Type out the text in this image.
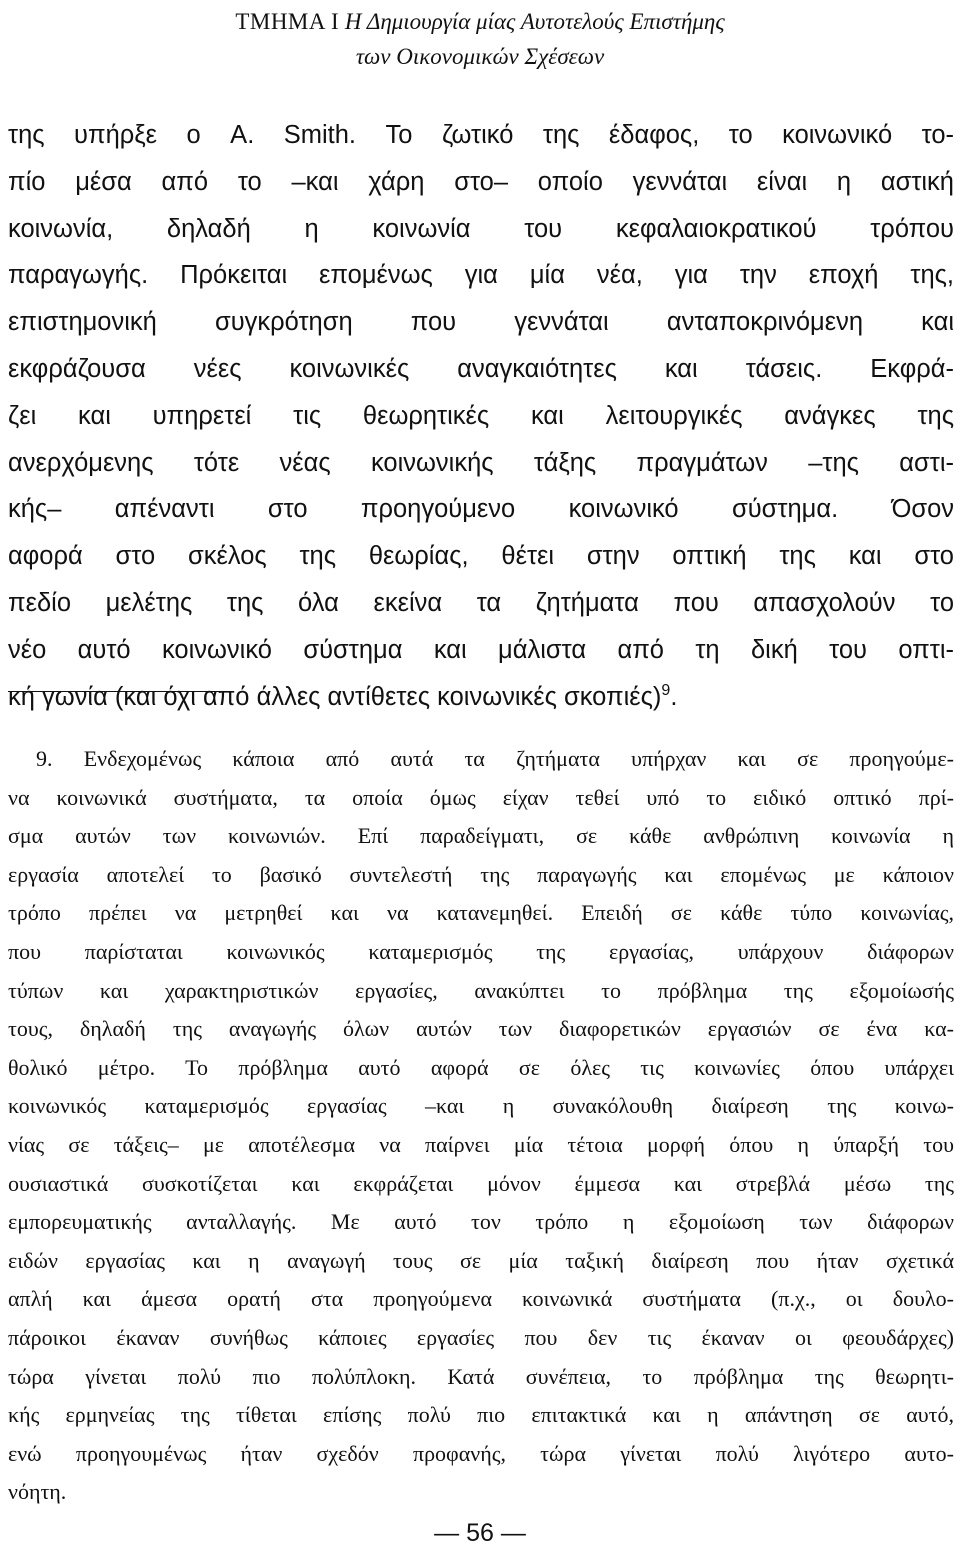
ΤΜΗΜΑ Ι Η Δημιουργία μίας Αυτοτελούς Επιστήμης
των Οικονομικών Σχέσεων
της υπήρξε ο A. Smith. Το ζωτικό της έδαφος, το κοινωνικό το-
πίο μέσα από το –και χάρη στο– οποίο γεννάται είναι η αστική
κοινωνία, δηλαδή η κοινωνία του κεφαλαιοκρατικού τρόπου
παραγωγής. Πρόκειται επομένως για μία νέα, για την εποχή της,
επιστημονική συγκρότηση που γεννάται ανταποκρινόμενη και
εκφράζουσα νέες κοινωνικές αναγκαιότητες και τάσεις. Εκφρά-
ζει και υπηρετεί τις θεωρητικές και λειτουργικές ανάγκες της
ανερχόμενης τότε νέας κοινωνικής τάξης πραγμάτων –της αστι-
κής– απέναντι στο προηγούμενο κοινωνικό σύστημα. Όσον
αφορά στο σκέλος της θεωρίας, θέτει στην οπτική της και στο
πεδίο μελέτης της όλα εκείνα τα ζητήματα που απασχολούν το
νέο αυτό κοινωνικό σύστημα και μάλιστα από τη δική του οπτι-
κή γωνία (και όχι από άλλες αντίθετες κοινωνικές σκοπιές)$^9$.
9. Ενδεχομένως κάποια από αυτά τα ζητήματα υπήρχαν και σε προηγούμε-
να κοινωνικά συστήματα, τα οποία όμως είχαν τεθεί υπό το ειδικό οπτικό πρί-
σμα αυτών των κοινωνιών. Επί παραδείγματι, σε κάθε ανθρώπινη κοινωνία η
εργασία αποτελεί το βασικό συντελεστή της παραγωγής και επομένως με κάποιον
τρόπο πρέπει να μετρηθεί και να κατανεμηθεί. Επειδή σε κάθε τύπο κοινωνίας,
που παρίσταται κοινωνικός καταμερισμός της εργασίας, υπάρχουν διάφορων
τύπων και χαρακτηριστικών εργασίες, ανακύπτει το πρόβλημα της εξομοίωσής
τους, δηλαδή της αναγωγής όλων αυτών των διαφορετικών εργασιών σε ένα κα-
θολικό μέτρο. Το πρόβλημα αυτό αφορά σε όλες τις κοινωνίες όπου υπάρχει
κοινωνικός καταμερισμός εργασίας –και η συνακόλουθη διαίρεση της κοινω-
νίας σε τάξεις– με αποτέλεσμα να παίρνει μία τέτοια μορφή όπου η ύπαρξή του
ουσιαστικά συσκοτίζεται και εκφράζεται μόνον έμμεσα και στρεβλά μέσω της
εμπορευματικής ανταλλαγής. Με αυτό τον τρόπο η εξομοίωση των διάφορων
ειδών εργασίας και η αναγωγή τους σε μία ταξική διαίρεση που ήταν σχετικά
απλή και άμεσα ορατή στα προηγούμενα κοινωνικά συστήματα (π.χ., οι δουλο-
πάροικοι έκαναν συνήθως κάποιες εργασίες που δεν τις έκαναν οι φεουδάρχες)
τώρα γίνεται πολύ πιο πολύπλοκη. Κατά συνέπεια, το πρόβλημα της θεωρητι-
κής ερμηνείας της τίθεται επίσης πολύ πιο επιτακτικά και η απάντηση σε αυτό,
ενώ προηγουμένως ήταν σχεδόν προφανής, τώρα γίνεται πολύ λιγότερο αυτο-
νόητη.
— 56 —
